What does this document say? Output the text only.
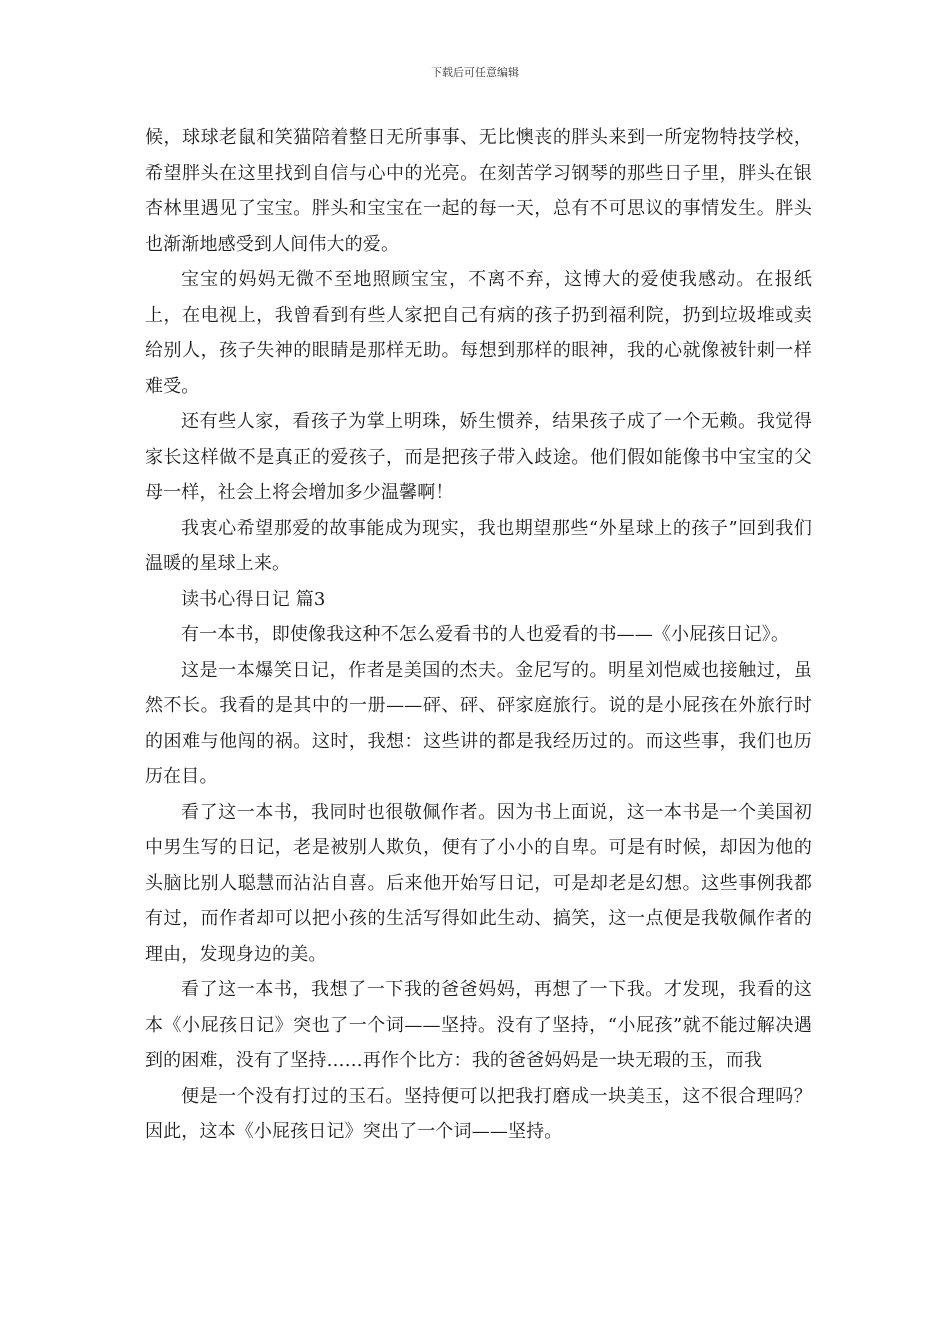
下载后可任意编辑

候，球球老鼠和笑猫陪着整日无所事事、无比懊丧的胖头来到一所宠物特技学校，希望胖头在这里找到自信与心中的光亮。在刻苦学习钢琴的那些日子里，胖头在银杏林里遇见了宝宝。胖头和宝宝在一起的每一天，总有不可思议的事情发生。胖头也渐渐地感受到人间伟大的爱。

宝宝的妈妈无微不至地照顾宝宝，不离不弃，这博大的爱使我感动。在报纸上，在电视上，我曾看到有些人家把自己有病的孩子扔到福利院，扔到垃圾堆或卖给别人，孩子失神的眼睛是那样无助。每想到那样的眼神，我的心就像被针刺一样难受。

还有些人家，看孩子为掌上明珠，娇生惯养，结果孩子成了一个无赖。我觉得家长这样做不是真正的爱孩子，而是把孩子带入歧途。他们假如能像书中宝宝的父母一样，社会上将会增加多少温馨啊！

我衷心希望那爱的故事能成为现实，我也期望那些“外星球上的孩子”回到我们温暖的星球上来。

读书心得日记 篇3

有一本书，即使像我这种不怎么爱看书的人也爱看的书——《小屁孩日记》。

这是一本爆笑日记，作者是美国的杰夫。金尼写的。明星刘恺威也接触过，虽然不长。我看的是其中的一册——砰、砰、砰家庭旅行。说的是小屁孩在外旅行时的困难与他闯的祸。这时，我想：这些讲的都是我经历过的。而这些事，我们也历历在目。

看了这一本书，我同时也很敬佩作者。因为书上面说，这一本书是一个美国初中男生写的日记，老是被别人欺负，便有了小小的自卑。可是有时候，却因为他的头脑比别人聪慧而沾沾自喜。后来他开始写日记，可是却老是幻想。这些事例我都有过，而作者却可以把小孩的生活写得如此生动、搞笑，这一点便是我敬佩作者的理由，发现身边的美。

看了这一本书，我想了一下我的爸爸妈妈，再想了一下我。才发现，我看的这本《小屁孩日记》突也了一个词——坚持。没有了坚持，“小屁孩”就不能过解决遇到的困难，没有了坚持……再作个比方：我的爸爸妈妈是一块无瑕的玉，而我

便是一个没有打过的玉石。坚持便可以把我打磨成一块美玉，这不很合理吗？因此，这本《小屁孩日记》突出了一个词——坚持。
